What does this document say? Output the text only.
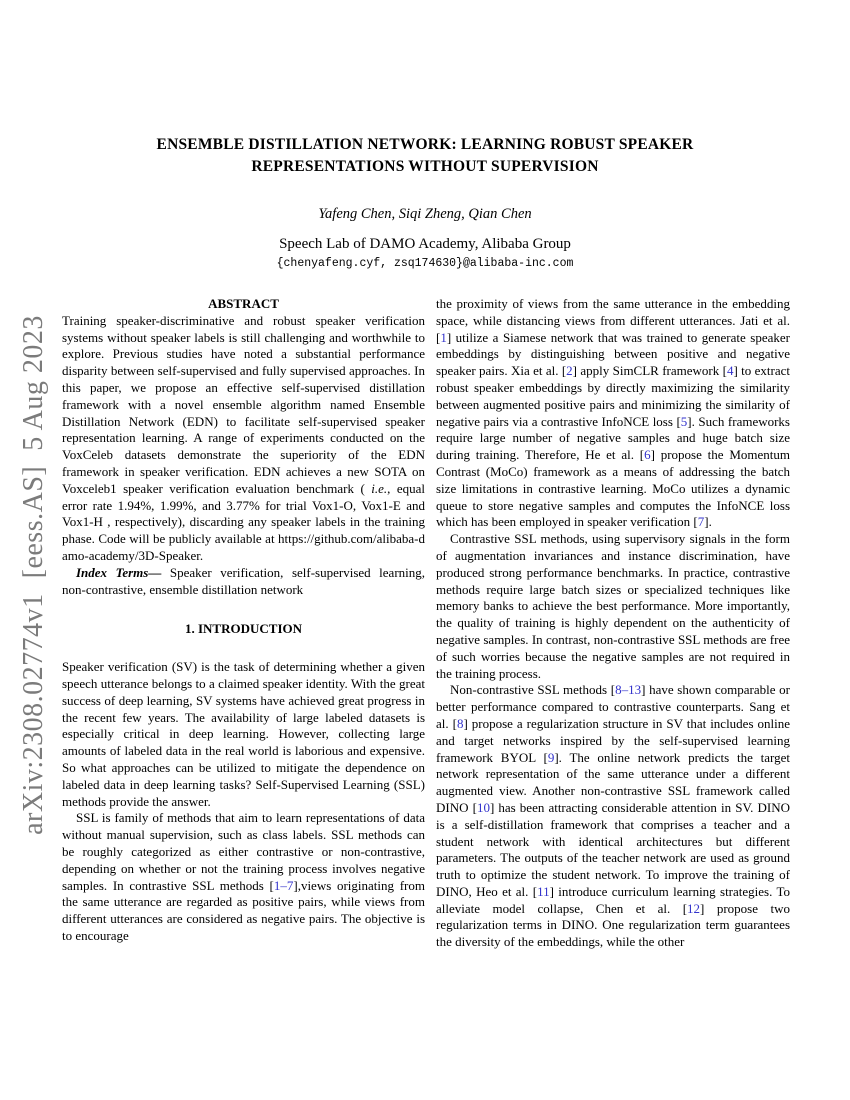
arXiv:2308.02774v1  [eess.AS]  5 Aug 2023
ENSEMBLE DISTILLATION NETWORK: LEARNING ROBUST SPEAKER
REPRESENTATIONS WITHOUT SUPERVISION
Yafeng Chen, Siqi Zheng, Qian Chen
Speech Lab of DAMO Academy, Alibaba Group
{chenyafeng.cyf, zsq174630}@alibaba-inc.com
ABSTRACT

Training speaker-discriminative and robust speaker verification systems without speaker labels is still challenging and worthwhile to explore. Previous studies have noted a substantial performance disparity between self-supervised and fully supervised approaches. In this paper, we propose an effective self-supervised distillation framework with a novel ensemble algorithm named Ensemble Distillation Network (EDN) to facilitate self-supervised speaker representation learning. A range of experiments conducted on the VoxCeleb datasets demonstrate the superiority of the EDN framework in speaker verification. EDN achieves a new SOTA on Voxceleb1 speaker verification evaluation benchmark ( i.e., equal error rate 1.94%, 1.99%, and 3.77% for trial Vox1-O, Vox1-E and Vox1-H , respectively), discarding any speaker labels in the training phase. Code will be publicly available at https://github.com/alibaba-damo-academy/3D-Speaker.

Index Terms— Speaker verification, self-supervised learning, non-contrastive, ensemble distillation network

1. INTRODUCTION

Speaker verification (SV) is the task of determining whether a given speech utterance belongs to a claimed speaker identity. With the great success of deep learning, SV systems have achieved great progress in the recent few years. The availability of large labeled datasets is especially critical in deep learning. However, collecting large amounts of labeled data in the real world is laborious and expensive. So what approaches can be utilized to mitigate the dependence on labeled data in deep learning tasks? Self-Supervised Learning (SSL) methods provide the answer.

SSL is family of methods that aim to learn representations of data without manual supervision, such as class labels. SSL methods can be roughly categorized as either contrastive or non-contrastive, depending on whether or not the training process involves negative samples. In contrastive SSL methods [1–7],views originating from the same utterance are regarded as positive pairs, while views from different utterances are considered as negative pairs. The objective is to encourage

the proximity of views from the same utterance in the embedding space, while distancing views from different utterances. Jati et al. [1] utilize a Siamese network that was trained to generate speaker embeddings by distinguishing between positive and negative speaker pairs. Xia et al. [2] apply SimCLR framework [4] to extract robust speaker embeddings by directly maximizing the similarity between augmented positive pairs and minimizing the similarity of negative pairs via a contrastive InfoNCE loss [5]. Such frameworks require large number of negative samples and huge batch size during training. Therefore, He et al. [6] propose the Momentum Contrast (MoCo) framework as a means of addressing the batch size limitations in contrastive learning. MoCo utilizes a dynamic queue to store negative samples and computes the InfoNCE loss which has been employed in speaker verification [7].

Contrastive SSL methods, using supervisory signals in the form of augmentation invariances and instance discrimination, have produced strong performance benchmarks. In practice, contrastive methods require large batch sizes or specialized techniques like memory banks to achieve the best performance. More importantly, the quality of training is highly dependent on the authenticity of negative samples. In contrast, non-contrastive SSL methods are free of such worries because the negative samples are not required in the training process.

Non-contrastive SSL methods [8–13] have shown comparable or better performance compared to contrastive counterparts. Sang et al. [8] propose a regularization structure in SV that includes online and target networks inspired by the self-supervised learning framework BYOL [9]. The online network predicts the target network representation of the same utterance under a different augmented view. Another non-contrastive SSL framework called DINO [10] has been attracting considerable attention in SV. DINO is a self-distillation framework that comprises a teacher and a student network with identical architectures but different parameters. The outputs of the teacher network are used as ground truth to optimize the student network. To improve the training of DINO, Heo et al. [11] introduce curriculum learning strategies. To alleviate model collapse, Chen et al. [12] propose two regularization terms in DINO. One regularization term guarantees the diversity of the embeddings, while the other
